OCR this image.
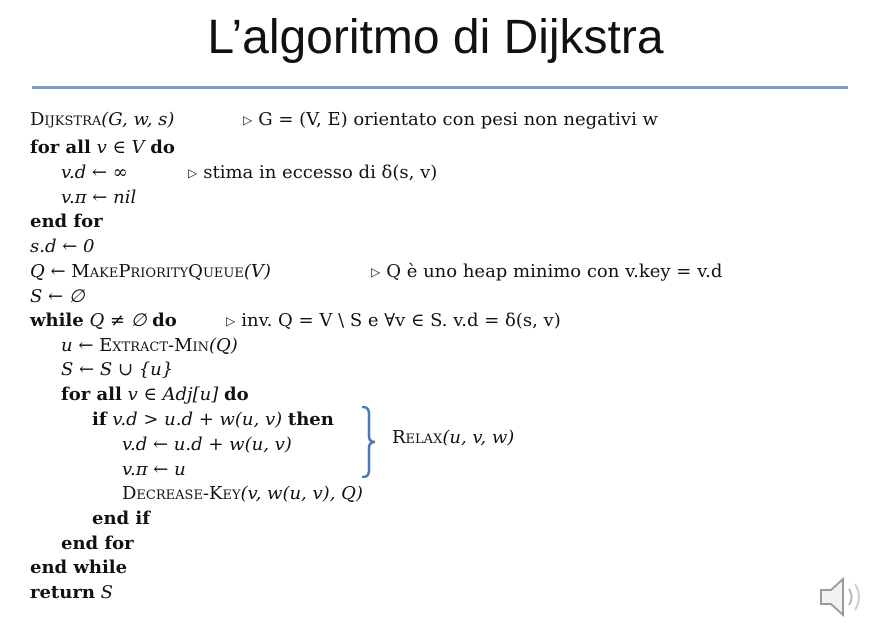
L’algoritmo di Dijkstra
Dijkstra(G, w, s)	▷ G = (V, E) orientato con pesi non negativi w
for all v ∈ V do
v.d ← ∞	▷ stima in eccesso di δ(s, v)
v.π ← nil
end for
s.d ← 0
Q ← MakePriorityQueue(V)	▷ Q è uno heap minimo con v.key = v.d
S ← ∅
while Q ≠ ∅ do	▷ inv. Q = V \ S e ∀v ∈ S. v.d = δ(s, v)
u ← Extract-Min(Q)
S ← S ∪ {u}
for all v ∈ Adj[u] do
if v.d > u.d + w(u, v) then
v.d ← u.d + w(u, v)
v.π ← u
Decrease-Key(v, w(u, v), Q)
end if
end for
end while
return S
Relax(u, v, w)
